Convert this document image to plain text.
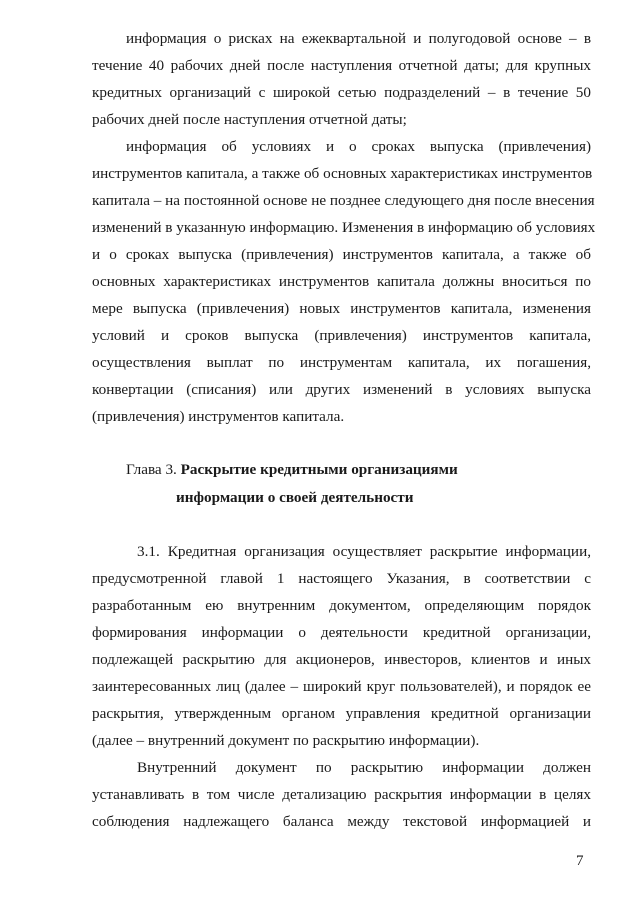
информация о рисках на ежеквартальной и полугодовой основе – в
течение 40 рабочих дней после наступления отчетной даты; для крупных
кредитных организаций с широкой сетью подразделений – в течение 50
рабочих дней после наступления отчетной даты;
информация об условиях и о сроках выпуска (привлечения)
инструментов капитала, а также об основных характеристиках инструментов
капитала – на постоянной основе не позднее следующего дня после внесения
изменений в указанную информацию. Изменения в информацию об условиях
и о сроках выпуска (привлечения) инструментов капитала, а также об
основных характеристиках инструментов капитала должны вноситься по
мере выпуска (привлечения) новых инструментов капитала, изменения
условий и сроков выпуска (привлечения) инструментов капитала,
осуществления выплат по инструментам капитала, их погашения,
конвертации (списания) или других изменений в условиях выпуска
(привлечения) инструментов капитала.
Глава 3. Раскрытие кредитными организациями
информации о своей деятельности
3.1. Кредитная организация осуществляет раскрытие информации,
предусмотренной главой 1 настоящего Указания, в соответствии с
разработанным ею внутренним документом, определяющим порядок
формирования информации о деятельности кредитной организации,
подлежащей раскрытию для акционеров, инвесторов, клиентов и иных
заинтересованных лиц (далее – широкий круг пользователей), и порядок ее
раскрытия, утвержденным органом управления кредитной организации
(далее – внутренний документ по раскрытию информации).
Внутренний документ по раскрытию информации должен
устанавливать в том числе детализацию раскрытия информации в целях
соблюдения надлежащего баланса между текстовой информацией и
7
